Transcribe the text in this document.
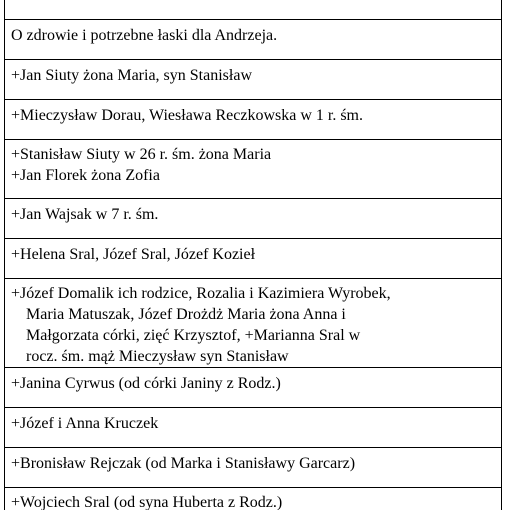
O zdrowie i potrzebne łaski dla Andrzeja.

+Jan Siuty żona Maria, syn Stanisław

+Mieczysław Dorau, Wiesława Reczkowska w 1 r. śm.

+Stanisław Siuty w 26 r. śm. żona Maria
+Jan Florek żona Zofia

+Jan Wajsak w 7 r. śm.

+Helena Sral, Józef Sral, Józef Kozieł

+Józef Domalik ich rodzice, Rozalia i Kazimiera Wyrobek,
Maria Matuszak, Józef Drożdż Maria żona Anna i
Małgorzata córki, zięć Krzysztof, +Marianna Sral w
rocz. śm. mąż Mieczysław syn Stanisław

+Janina Cyrwus (od córki Janiny z Rodz.)

+Józef i Anna Kruczek

+Bronisław Rejczak (od Marka i Stanisławy Garcarz)

+Wojciech Sral (od syna Huberta z Rodz.)
